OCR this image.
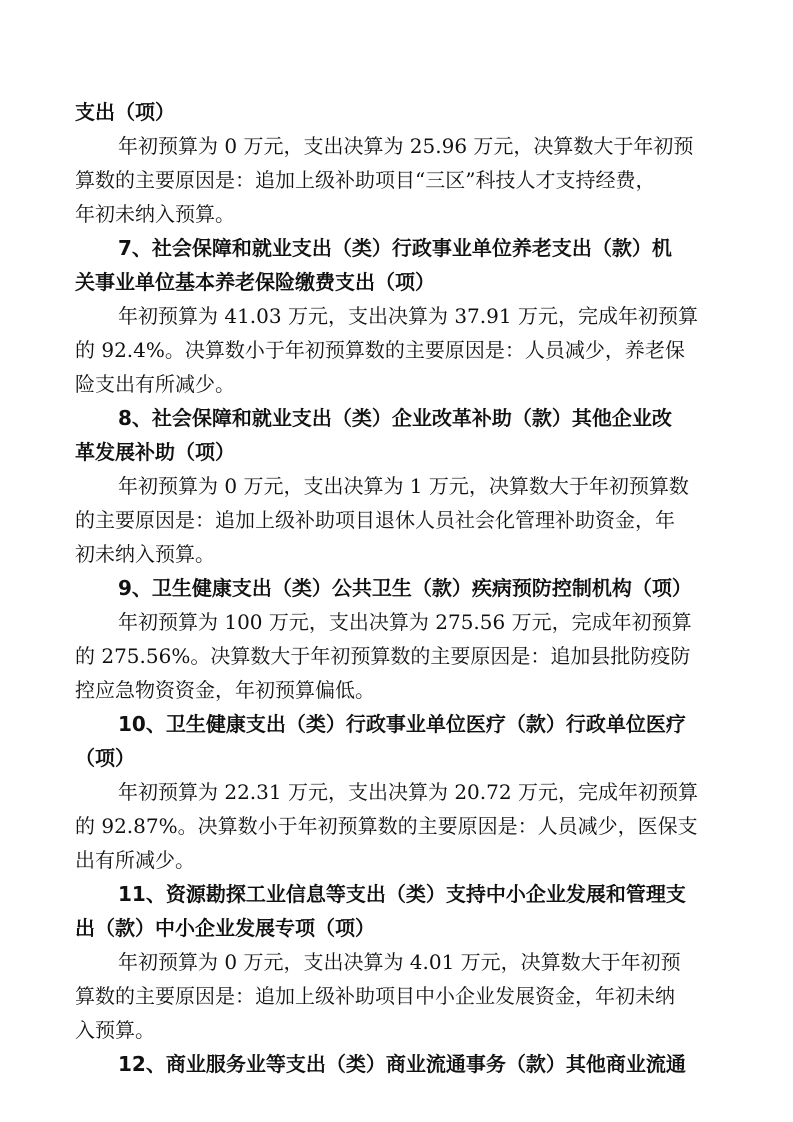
支出（项）
年初预算为 0 万元，支出决算为 25.96 万元，决算数大于年初预
算数的主要原因是：追加上级补助项目“三区”科技人才支持经费，
年初未纳入预算。
7、社会保障和就业支出（类）行政事业单位养老支出（款）机
关事业单位基本养老保险缴费支出（项）
年初预算为 41.03 万元，支出决算为 37.91 万元，完成年初预算
的 92.4%。决算数小于年初预算数的主要原因是：人员减少，养老保
险支出有所减少。
8、社会保障和就业支出（类）企业改革补助（款）其他企业改
革发展补助（项）
年初预算为 0 万元，支出决算为 1 万元，决算数大于年初预算数
的主要原因是：追加上级补助项目退休人员社会化管理补助资金，年
初未纳入预算。
9、卫生健康支出（类）公共卫生（款）疾病预防控制机构（项）
年初预算为 100 万元，支出决算为 275.56 万元，完成年初预算
的 275.56%。决算数大于年初预算数的主要原因是：追加县批防疫防
控应急物资资金，年初预算偏低。
10、卫生健康支出（类）行政事业单位医疗（款）行政单位医疗
（项）
年初预算为 22.31 万元，支出决算为 20.72 万元，完成年初预算
的 92.87%。决算数小于年初预算数的主要原因是：人员减少，医保支
出有所减少。
11、资源勘探工业信息等支出（类）支持中小企业发展和管理支
出（款）中小企业发展专项（项）
年初预算为 0 万元，支出决算为 4.01 万元，决算数大于年初预
算数的主要原因是：追加上级补助项目中小企业发展资金，年初未纳
入预算。
12、商业服务业等支出（类）商业流通事务（款）其他商业流通
